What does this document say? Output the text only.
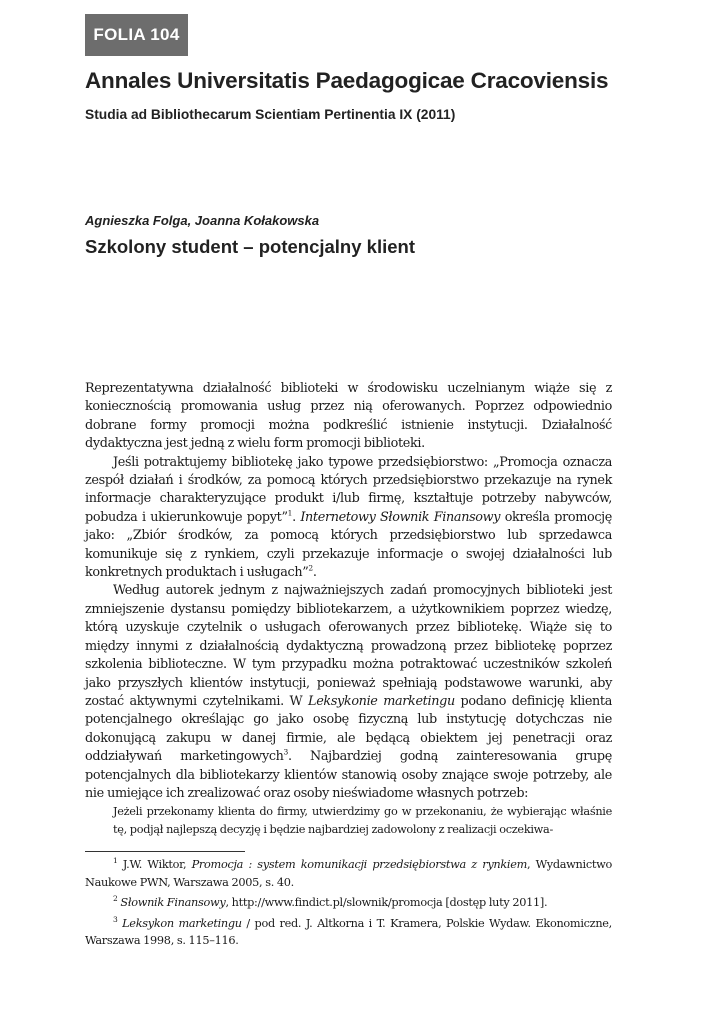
FOLIA 104
Annales Universitatis Paedagogicae Cracoviensis
Studia ad Bibliothecarum Scientiam Pertinentia IX (2011)
Agnieszka Folga, Joanna Kołakowska
Szkolony student – potencjalny klient

Reprezentatywna działalność biblioteki w środowisku uczelnianym wiąże się z koniecznością promowania usług przez nią oferowanych. Poprzez odpowiednio dobrane formy promocji można podkreślić istnienie instytucji. Działalność dydaktyczna jest jedną z wielu form promocji biblioteki.

Jeśli potraktujemy bibliotekę jako typowe przedsiębiorstwo: „Promocja oznacza zespół działań i środków, za pomocą których przedsiębiorstwo przekazuje na rynek informacje charakteryzujące produkt i/lub firmę, kształtuje potrzeby nabywców, pobudza i ukierunkowuje popyt”$^1$. Internetowy Słownik Finansowy określa promocję jako: „Zbiór środków, za pomocą których przedsiębiorstwo lub sprzedawca komunikuje się z rynkiem, czyli przekazuje informacje o swojej działalności lub konkretnych produktach i usługach”$^2$.

Według autorek jednym z najważniejszych zadań promocyjnych biblioteki jest zmniejszenie dystansu pomiędzy bibliotekarzem, a użytkownikiem poprzez wiedzę, którą uzyskuje czytelnik o usługach oferowanych przez bibliotekę. Wiąże się to między innymi z działalnością dydaktyczną prowadzoną przez bibliotekę poprzez szkolenia biblioteczne. W tym przypadku można potraktować uczestników szkoleń jako przyszłych klientów instytucji, ponieważ spełniają podstawowe warunki, aby zostać aktywnymi czytelnikami. W Leksykonie marketingu podano definicję klienta potencjalnego określając go jako osobę fizyczną lub instytucję dotychczas nie dokonującą zakupu w danej firmie, ale będącą obiektem jej penetracji oraz oddziaływań marketingowych$^3$. Najbardziej godną zainteresowania grupę potencjalnych dla bibliotekarzy klientów stanowią osoby znające swoje potrzeby, ale nie umiejące ich zrealizować oraz osoby nieświadome własnych potrzeb:

Jeżeli przekonamy klienta do firmy, utwierdzimy go w przekonaniu, że wybierając właśnie tę, podjął najlepszą decyzję i będzie najbardziej zadowolony z realizacji oczekiwa-

$^1$ J.W. Wiktor, Promocja : system komunikacji przedsiębiorstwa z rynkiem, Wydawnictwo Naukowe PWN, Warszawa 2005, s. 40.

$^2$ Słownik Finansowy, http://www.findict.pl/slownik/promocja [dostęp luty 2011].

$^3$ Leksykon marketingu / pod red. J. Altkorna i T. Kramera, Polskie Wydaw. Ekonomiczne, Warszawa 1998, s. 115–116.
